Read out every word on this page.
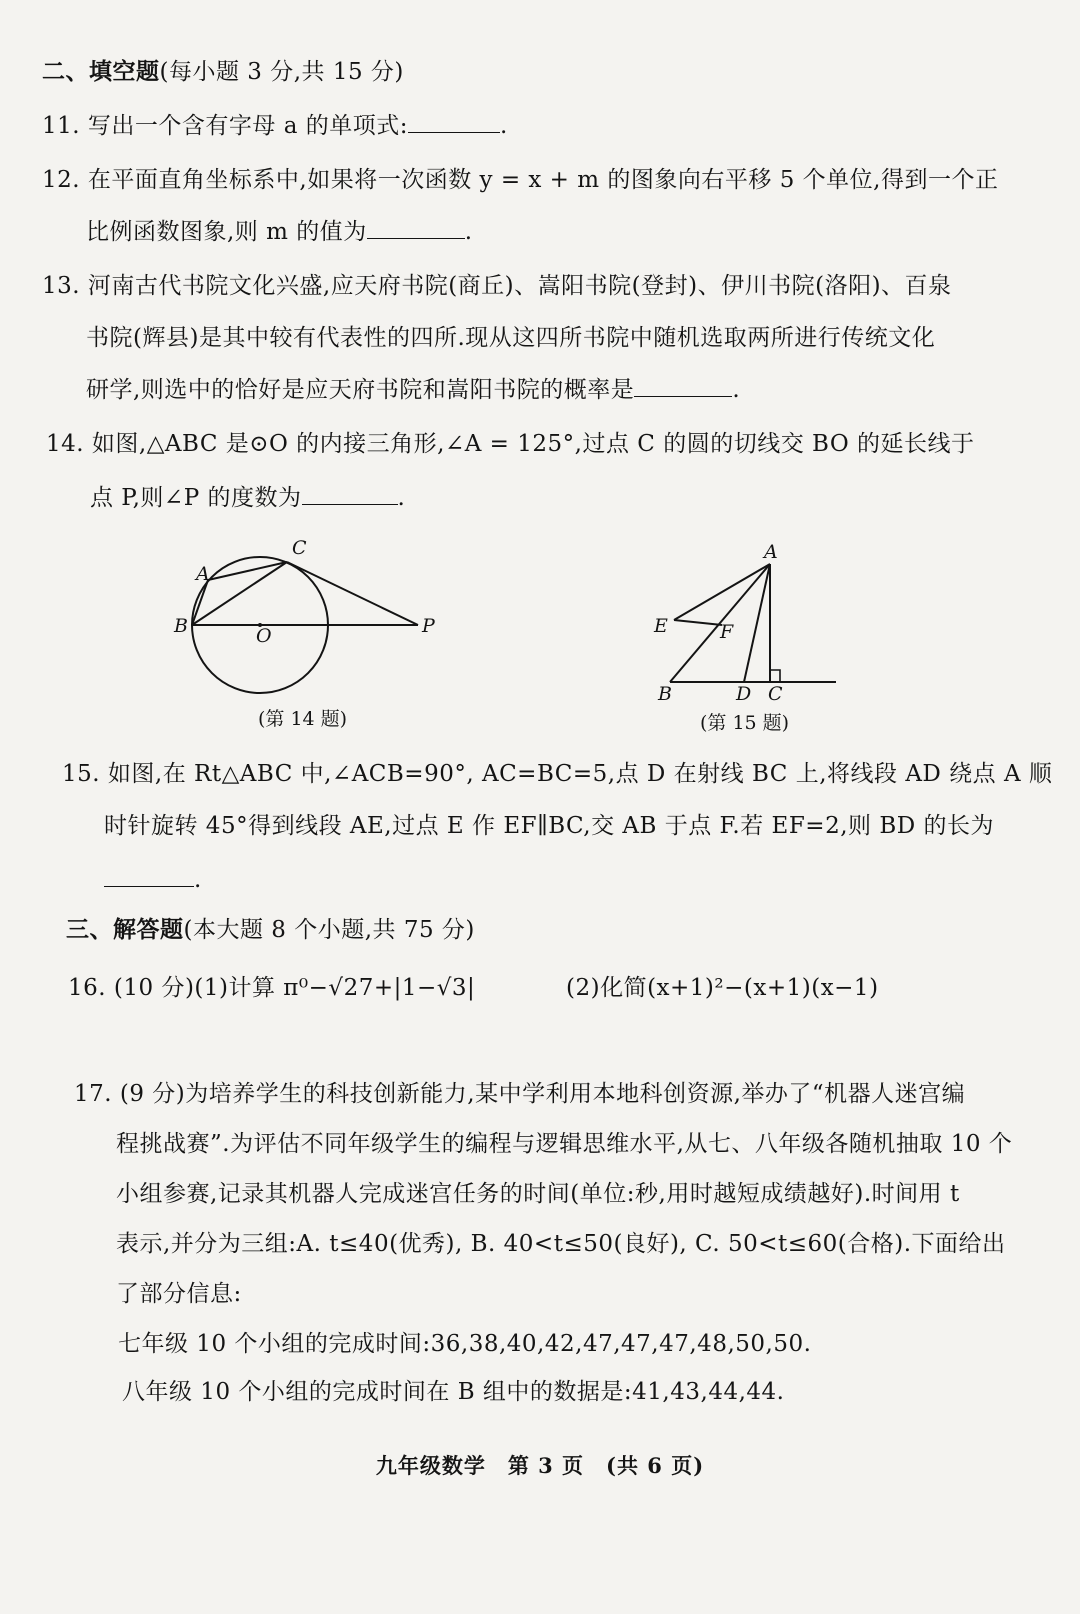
二、填空题(每小题 3 分,共 15 分)
11. 写出一个含有字母 a 的单项式:	.
12. 在平面直角坐标系中,如果将一次函数 y = x + m 的图象向右平移 5 个单位,得到一个正
比例函数图象,则 m 的值为	.
13. 河南古代书院文化兴盛,应天府书院(商丘)、嵩阳书院(登封)、伊川书院(洛阳)、百泉
书院(辉县)是其中较有代表性的四所.现从这四所书院中随机选取两所进行传统文化
研学,则选中的恰好是应天府书院和嵩阳书院的概率是	.
14. 如图,△ABC 是⊙O 的内接三角形,∠A = 125°,过点 C 的圆的切线交 BO 的延长线于
点 P,则∠P 的度数为	.
A
B
C
O	P
(第 14 题)
A
B	C
D
E	F
(第 15 题)
15. 如图,在 Rt△ABC 中,∠ACB=90°, AC=BC=5,点 D 在射线 BC 上,将线段 AD 绕点 A 顺
时针旋转 45°得到线段 AE,过点 E 作 EF∥BC,交 AB 于点 F.若 EF=2,则 BD 的长为
.
三、解答题(本大题 8 个小题,共 75 分)
16. (10 分)(1)计算 π⁰−√27+|1−√3|	(2)化简(x+1)²−(x+1)(x−1)
17. (9 分)为培养学生的科技创新能力,某中学利用本地科创资源,举办了“机器人迷宫编
程挑战赛”.为评估不同年级学生的编程与逻辑思维水平,从七、八年级各随机抽取 10 个
小组参赛,记录其机器人完成迷宫任务的时间(单位:秒,用时越短成绩越好).时间用 t
表示,并分为三组:A. t≤40(优秀), B. 40<t≤50(良好), C. 50<t≤60(合格).下面给出
了部分信息:
七年级 10 个小组的完成时间:36,38,40,42,47,47,47,48,50,50.
八年级 10 个小组的完成时间在 B 组中的数据是:41,43,44,44.
九年级数学　第 3 页　(共 6 页)
